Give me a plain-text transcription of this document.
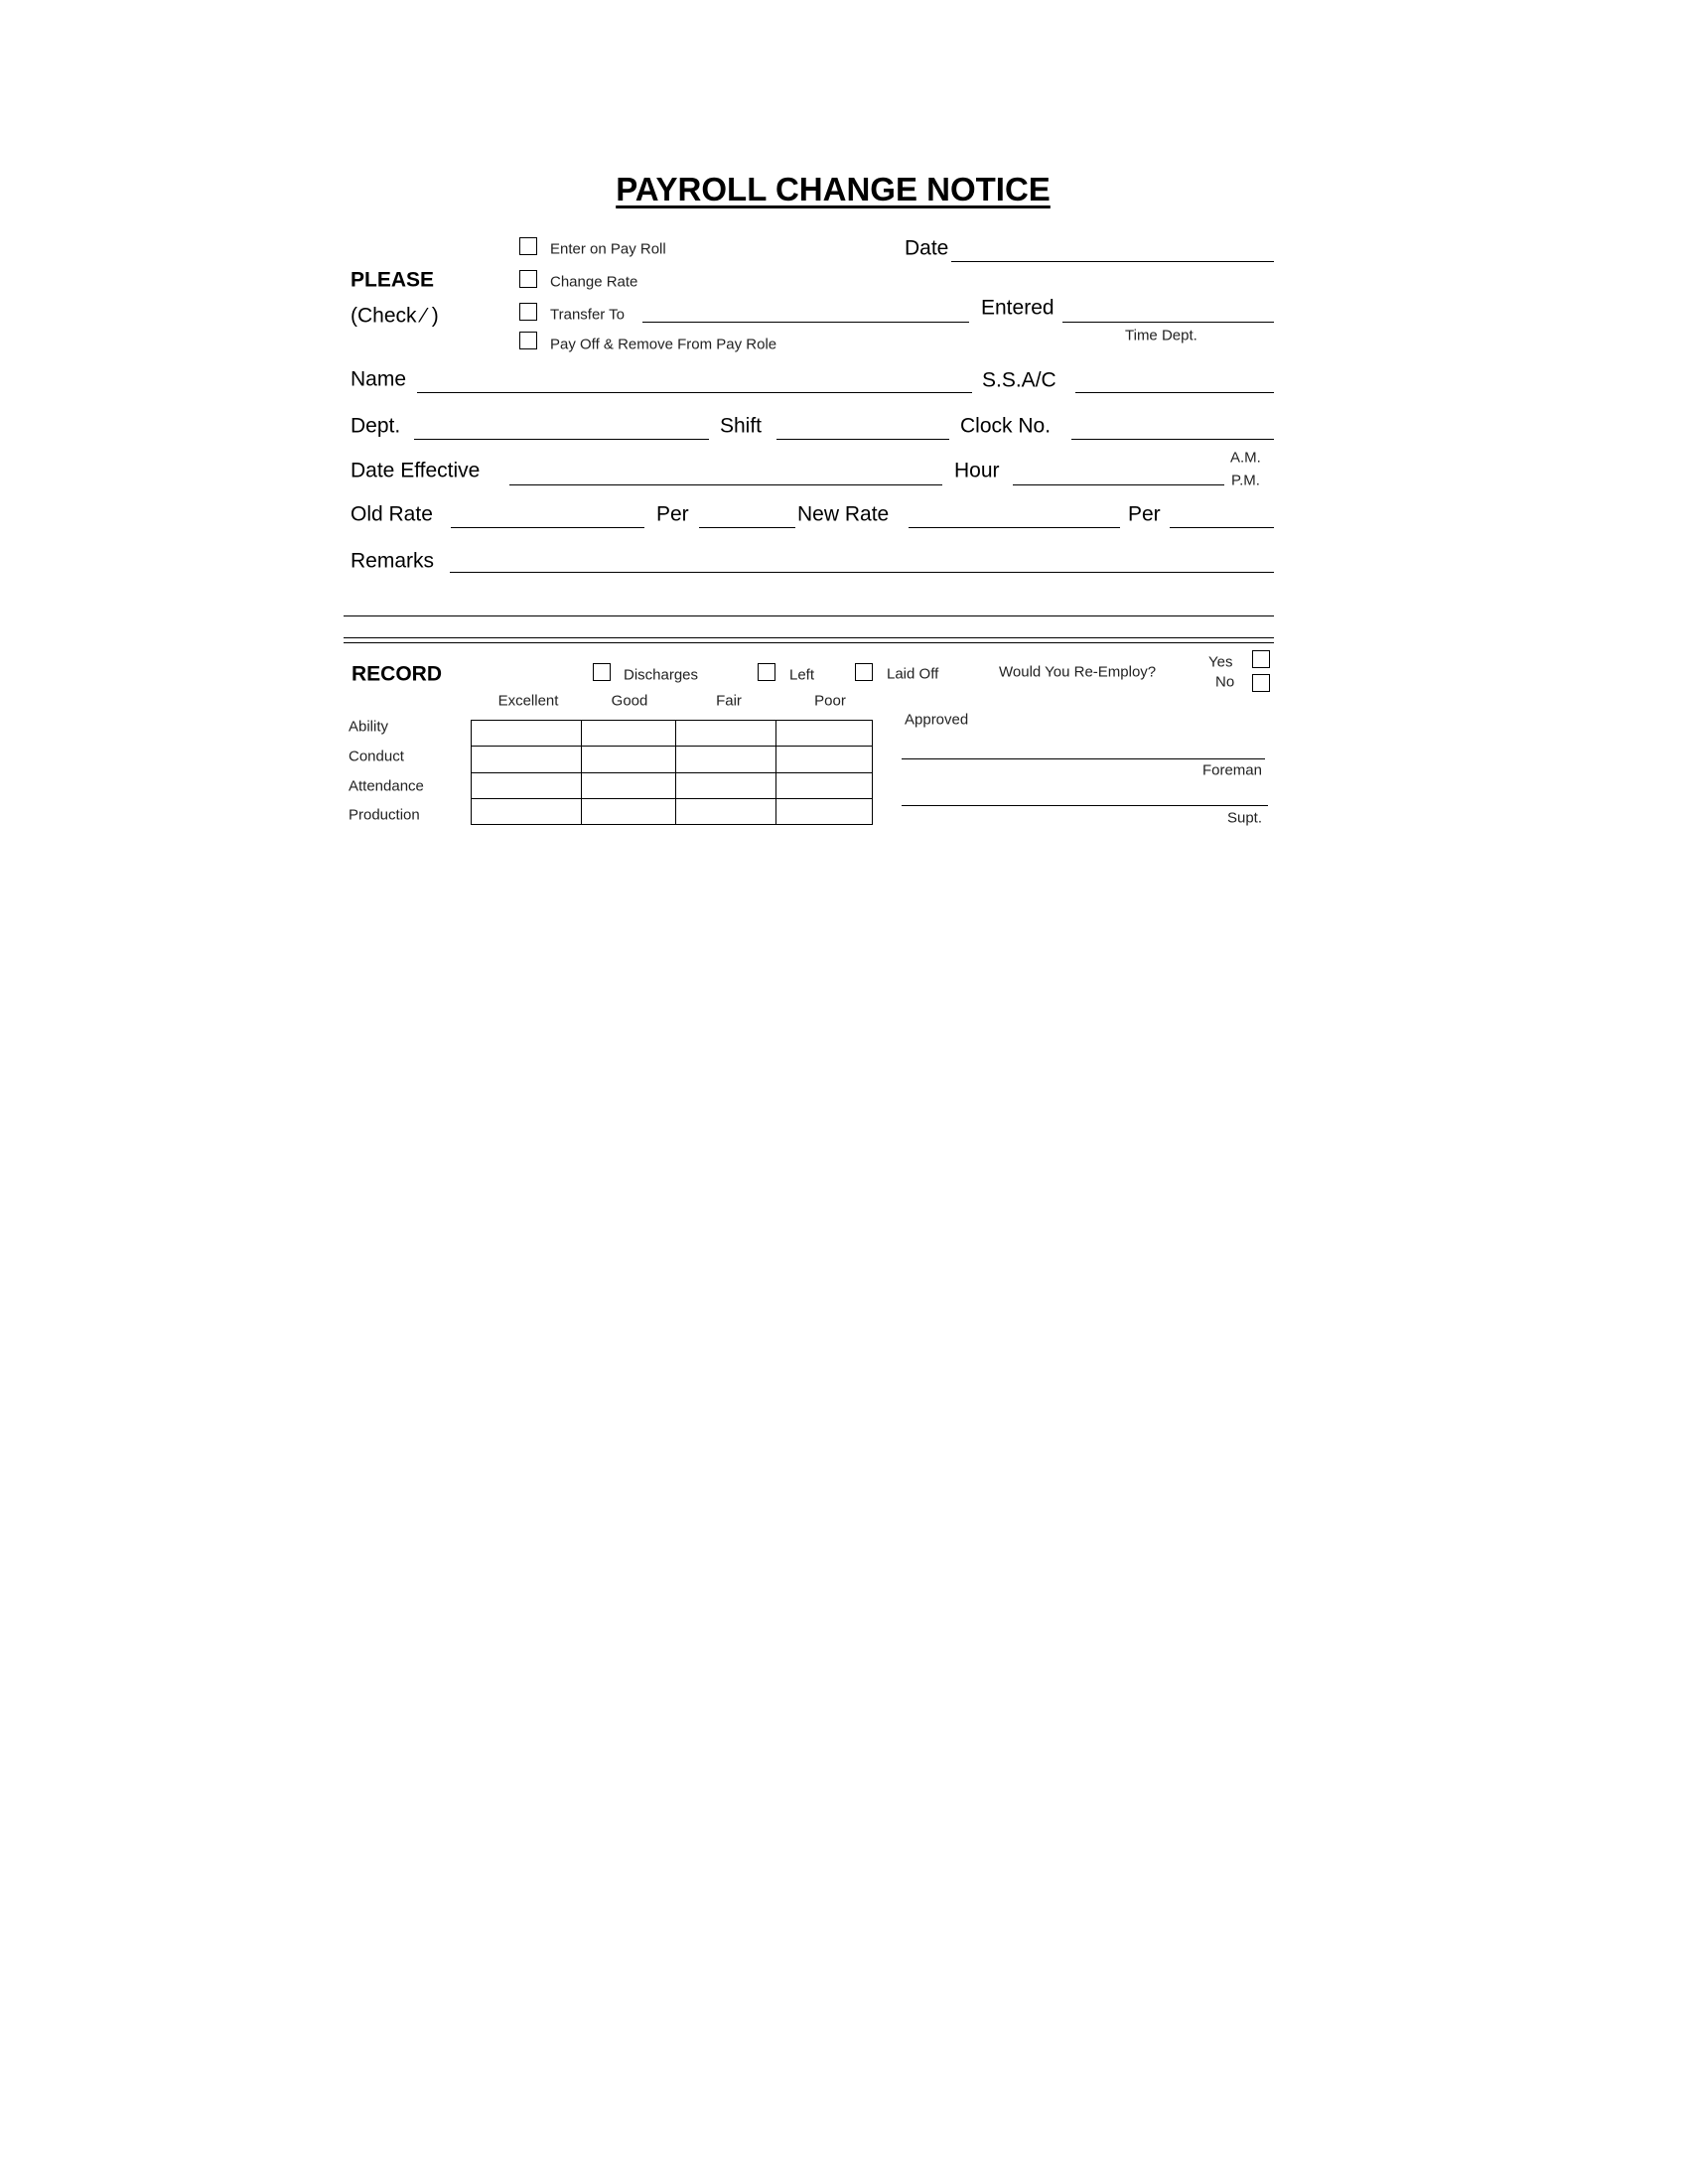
PAYROLL CHANGE NOTICE
PLEASE
(Check ⁄ )
Enter on Pay Roll
Change Rate
Transfer To
Pay Off & Remove From Pay Role
Date
Entered
Time Dept.
Name	S.S.A/C
Dept.	Shift	Clock No.
Date Effective	Hour
A.M.
P.M.
Old Rate	Per	New Rate	Per
Remarks
RECORD	Discharges	Left	Laid Off	Would You Re-Employ?
Yes
No
Excellent	Good	Fair	Poor
Ability
Conduct
Attendance
Production

Approved
Foreman
Supt.
